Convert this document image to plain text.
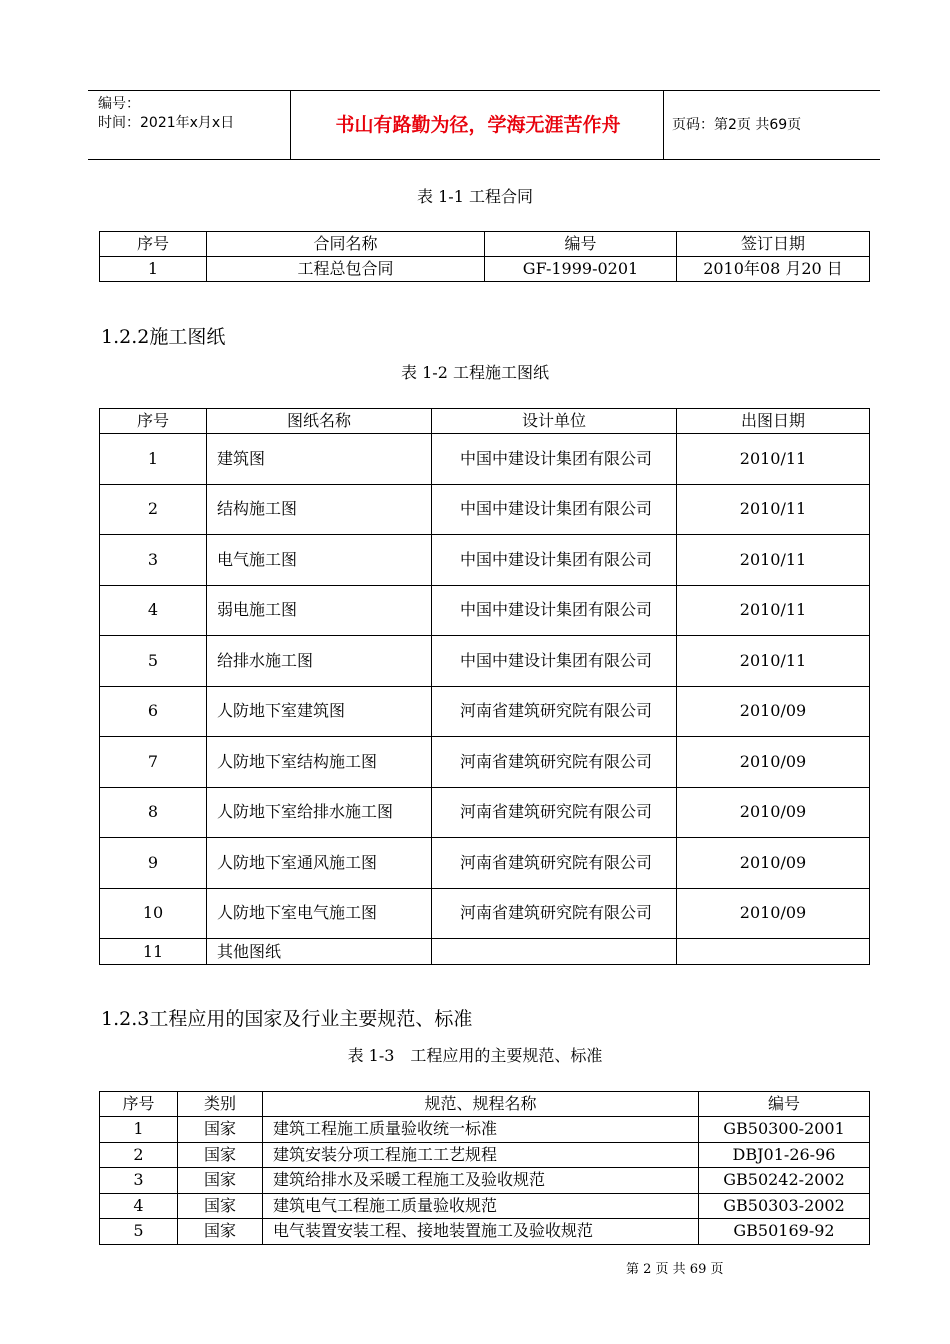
编号：
时间：2021年x月x日	书山有路勤为径，学海无涯苦作舟	页码：第2页 共69页
表 1-1 工程合同
序号	合同名称	编号	签订日期
1	工程总包合同	GF-1999-0201	2010年08 月20 日
1.2.2施工图纸
表 1-2 工程施工图纸
序号	图纸名称	设计单位	出图日期
1	建筑图	中国中建设计集团有限公司	2010/11
2	结构施工图	中国中建设计集团有限公司	2010/11
3	电气施工图	中国中建设计集团有限公司	2010/11
4	弱电施工图	中国中建设计集团有限公司	2010/11
5	给排水施工图	中国中建设计集团有限公司	2010/11
6	人防地下室建筑图	河南省建筑研究院有限公司	2010/09
7	人防地下室结构施工图	河南省建筑研究院有限公司	2010/09
8	人防地下室给排水施工图	河南省建筑研究院有限公司	2010/09
9	人防地下室通风施工图	河南省建筑研究院有限公司	2010/09
10	人防地下室电气施工图	河南省建筑研究院有限公司	2010/09
11	其他图纸		
1.2.3工程应用的国家及行业主要规范、标准
表 1-3　工程应用的主要规范、标准
序号	类别	规范、规程名称	编号
1	国家	建筑工程施工质量验收统一标准	GB50300-2001
2	国家	建筑安装分项工程施工工艺规程	DBJ01-26-96
3	国家	建筑给排水及采暖工程施工及验收规范	GB50242-2002
4	国家	建筑电气工程施工质量验收规范	GB50303-2002
5	国家	电气装置安装工程、接地装置施工及验收规范	GB50169-92
第 2 页 共 69 页
